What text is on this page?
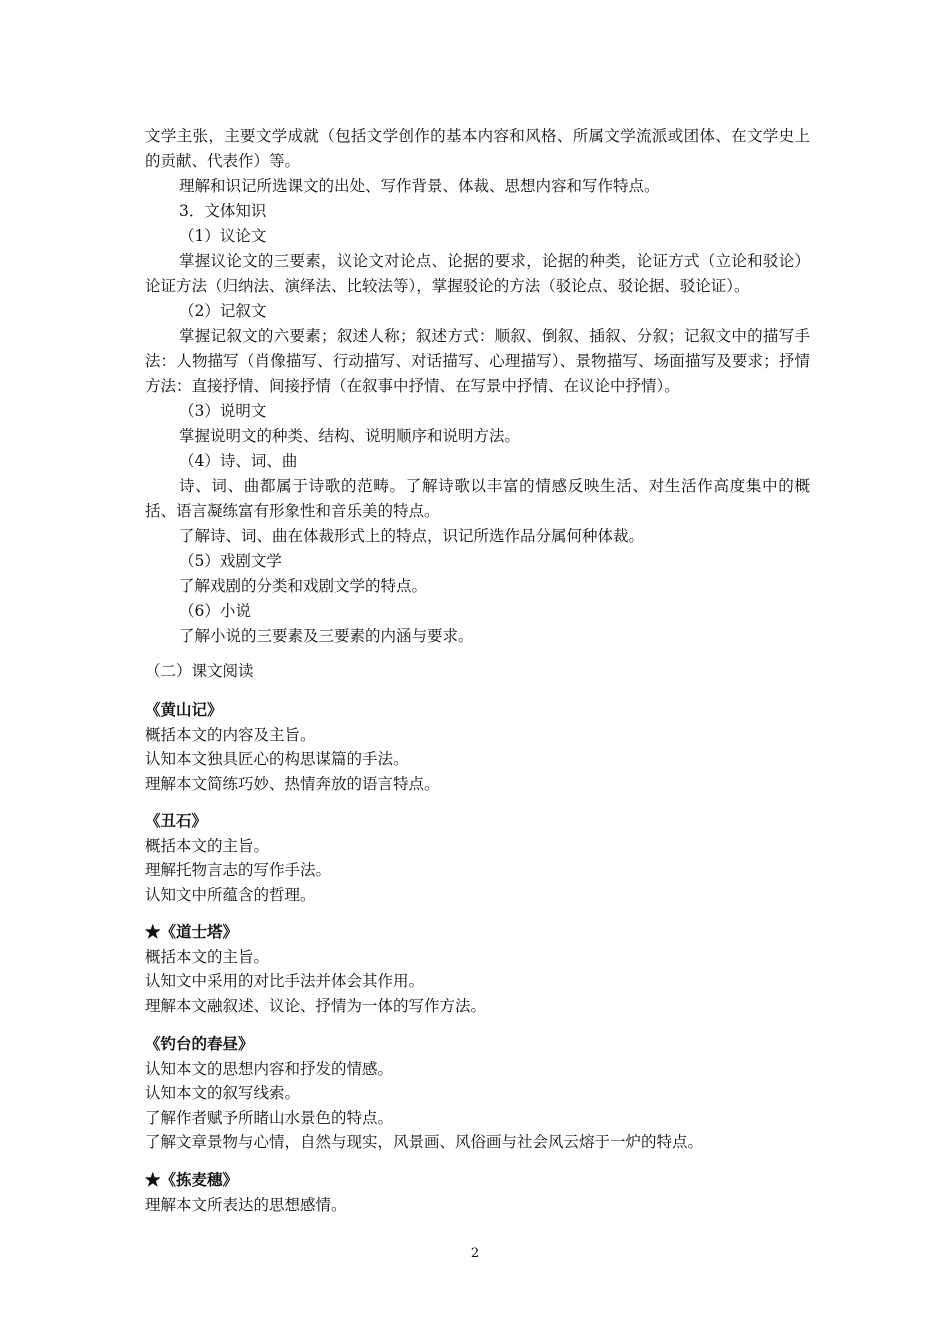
文学主张，主要文学成就（包括文学创作的基本内容和风格、所属文学流派或团体、在文学史上的贡献、代表作）等。

理解和识记所选课文的出处、写作背景、体裁、思想内容和写作特点。

3．文体知识

（1）议论文

掌握议论文的三要素，议论文对论点、论据的要求，论据的种类，论证方式（立论和驳论）论证方法（归纳法、演绎法、比较法等），掌握驳论的方法（驳论点、驳论据、驳论证）。

（2）记叙文

掌握记叙文的六要素；叙述人称；叙述方式：顺叙、倒叙、插叙、分叙；记叙文中的描写手法：人物描写（肖像描写、行动描写、对话描写、心理描写）、景物描写、场面描写及要求；抒情方法：直接抒情、间接抒情（在叙事中抒情、在写景中抒情、在议论中抒情）。

（3）说明文

掌握说明文的种类、结构、说明顺序和说明方法。

（4）诗、词、曲

诗、词、曲都属于诗歌的范畴。了解诗歌以丰富的情感反映生活、对生活作高度集中的概括、语言凝练富有形象性和音乐美的特点。

了解诗、词、曲在体裁形式上的特点，识记所选作品分属何种体裁。

（5）戏剧文学

了解戏剧的分类和戏剧文学的特点。

（6）小说

了解小说的三要素及三要素的内涵与要求。

（二）课文阅读

《黄山记》

概括本文的内容及主旨。

认知本文独具匠心的构思谋篇的手法。

理解本文简练巧妙、热情奔放的语言特点。

《丑石》

概括本文的主旨。

理解托物言志的写作手法。

认知文中所蕴含的哲理。

★《道士塔》

概括本文的主旨。

认知文中采用的对比手法并体会其作用。

理解本文融叙述、议论、抒情为一体的写作方法。

《钓台的春昼》

认知本文的思想内容和抒发的情感。

认知本文的叙写线索。

了解作者赋予所睹山水景色的特点。

了解文章景物与心情，自然与现实，风景画、风俗画与社会风云熔于一炉的特点。

★《拣麦穗》

理解本文所表达的思想感情。

2
